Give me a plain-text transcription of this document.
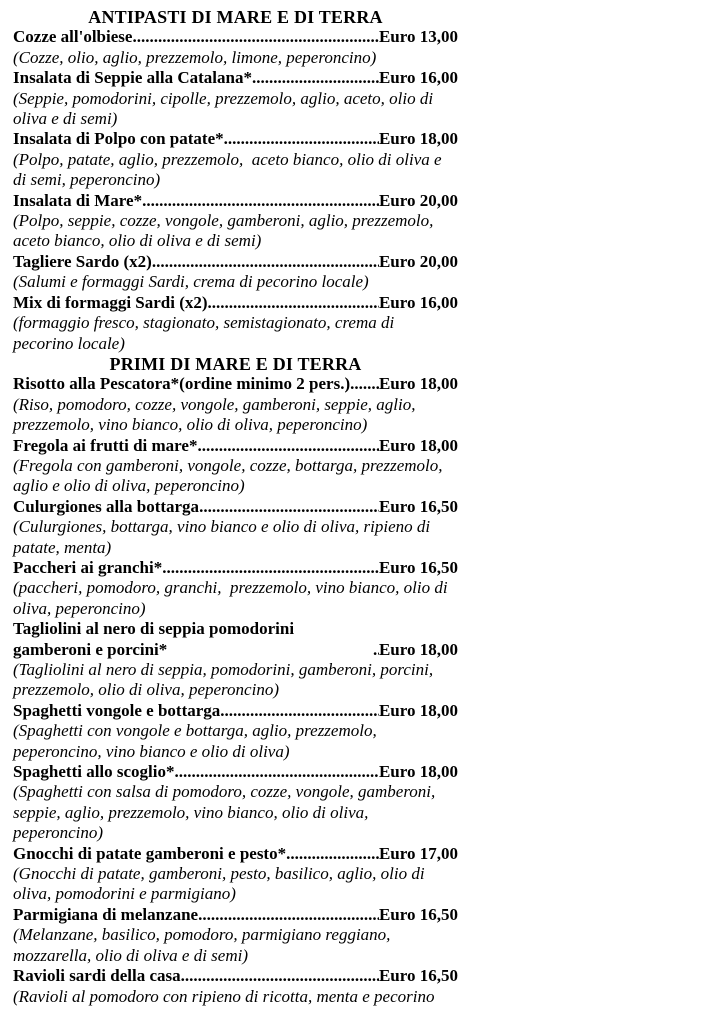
ANTIPASTI DI MARE E DI TERRA
Cozze all'olbiese .....	Euro 13,00
(Cozze, olio, aglio, prezzemolo, limone, peperoncino)
Insalata di Seppie alla Catalana* .....	Euro 16,00
(Seppie, pomodorini, cipolle, prezzemolo, aglio, aceto, olio di oliva e di semi)
Insalata di Polpo con patate* .....	Euro 18,00
(Polpo, patate, aglio, prezzemolo,  aceto bianco, olio di oliva e di semi, peperoncino)
Insalata di Mare* .....	Euro 20,00
(Polpo, seppie, cozze, vongole, gamberoni, aglio, prezzemolo, aceto bianco, olio di oliva e di semi)
Tagliere Sardo (x2) .....	Euro 20,00
(Salumi e formaggi Sardi, crema di pecorino locale)
Mix di formaggi Sardi (x2) .....	Euro 16,00
(formaggio fresco, stagionato, semistagionato, crema di pecorino locale)
PRIMI DI MARE E DI TERRA
Risotto alla Pescatora*(ordine minimo 2 pers.) ..... Euro 18,00
(Riso, pomodoro, cozze, vongole, gamberoni, seppie, aglio, prezzemolo, vino bianco, olio di oliva, peperoncino)
Fregola ai frutti di mare* .....	Euro 18,00
(Fregola con gamberoni, vongole, cozze, bottarga, prezzemolo, aglio e olio di oliva, peperoncino)
Culurgiones alla bottarga .....	Euro 16,50
(Culurgiones, bottarga, vino bianco e olio di oliva, ripieno di patate, menta)
Paccheri ai granchi* .....	Euro 16,50
(paccheri, pomodoro, granchi,  prezzemolo, vino bianco, olio di oliva, peperoncino)
Tagliolini al nero di seppia pomodorini gamberoni e porcini* .....	Euro 18,00
(Tagliolini al nero di seppia, pomodorini, gamberoni, porcini, prezzemolo, olio di oliva, peperoncino)
Spaghetti vongole e bottarga .....	Euro 18,00
(Spaghetti con vongole e bottarga, aglio, prezzemolo, peperoncino, vino bianco e olio di oliva)
Spaghetti allo scoglio* .....	Euro 18,00
(Spaghetti con salsa di pomodoro, cozze, vongole, gamberoni, seppie, aglio, prezzemolo, vino bianco, olio di oliva, peperoncino)
Gnocchi di patate gamberoni e pesto* .....	Euro 17,00
(Gnocchi di patate, gamberoni, pesto, basilico, aglio, olio di oliva, pomodorini e parmigiano)
Parmigiana di melanzane .....	Euro 16,50
(Melanzane, basilico, pomodoro, parmigiano reggiano, mozzarella, olio di oliva e di semi)
Ravioli sardi della casa .....	Euro 16,50
(Ravioli al pomodoro con ripieno di ricotta, menta e pecorino
